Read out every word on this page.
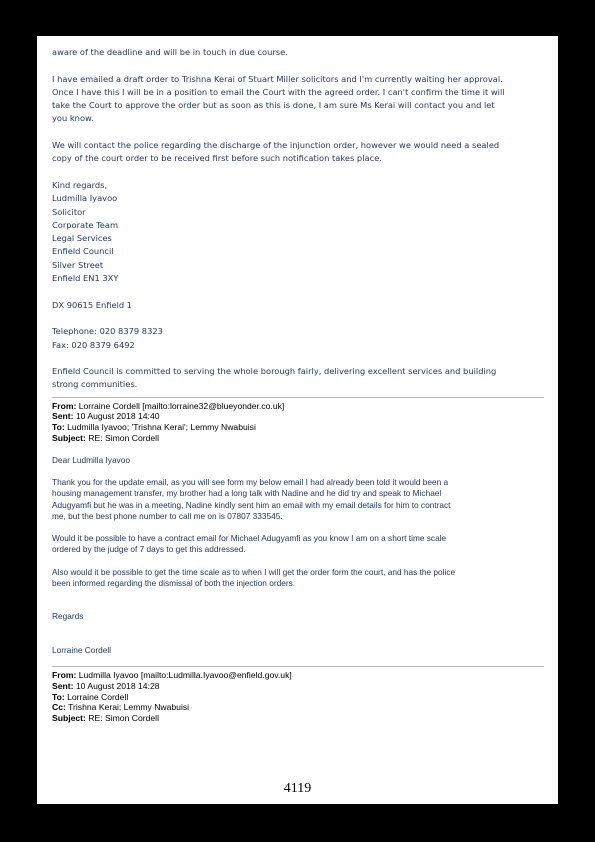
aware of the deadline and will be in touch in due course.

I have emailed a draft order to Trishna Kerai of Stuart Miller solicitors and I'm currently waiting her approval.

Once I have this I will be in a position to email the Court with the agreed order. I can't confirm the time it will

take the Court to approve the order but as soon as this is done, I am sure Ms Kerai will contact you and let

you know.

We will contact the police regarding the discharge of the injunction order, however we would need a sealed

copy of the court order to be received first before such notification takes place.

Kind regards,

Ludmilla Iyavoo

Solicitor

Corporate Team

Legal Services

Enfield Council

Silver Street

Enfield EN1 3XY

DX 90615 Enfield 1

Telephone: 020 8379 8323

Fax: 020 8379 6492

Enfield Council is committed to serving the whole borough fairly, delivering excellent services and building

strong communities.

From: Lorraine Cordell [mailto:lorraine32@blueyonder.co.uk]

Sent: 10 August 2018 14:40

To: Ludmilla Iyavoo; 'Trishna Kerai'; Lemmy Nwabuisi

Subject: RE: Simon Cordell

Dear Ludmilla Iyavoo

Thank you for the update email, as you will see form my below email I had already been told it would been a

housing management transfer, my brother had a long talk with Nadine and he did try and speak to Michael

Adugyamfi but he was in a meeting, Nadine kindly sent him an email with my email details for him to contract

me, but the best phone number to call me on is 07807 333545.

Would it be possible to have a contract email for Michael Adugyamfi as you know I am on a short time scale

ordered by the judge of 7 days to get this addressed.

Also would it be possible to get the time scale as to when I will get the order form the court, and has the police

been informed regarding the dismissal of both the injection orders.

Regards

Lorraine Cordell

From: Ludmilla Iyavoo [mailto:Ludmilla.Iyavoo@enfield.gov.uk]

Sent: 10 August 2018 14:28

To: Lorraine Cordell

Cc: Trishna Kerai; Lemmy Nwabuisi

Subject: RE: Simon Cordell

4119
